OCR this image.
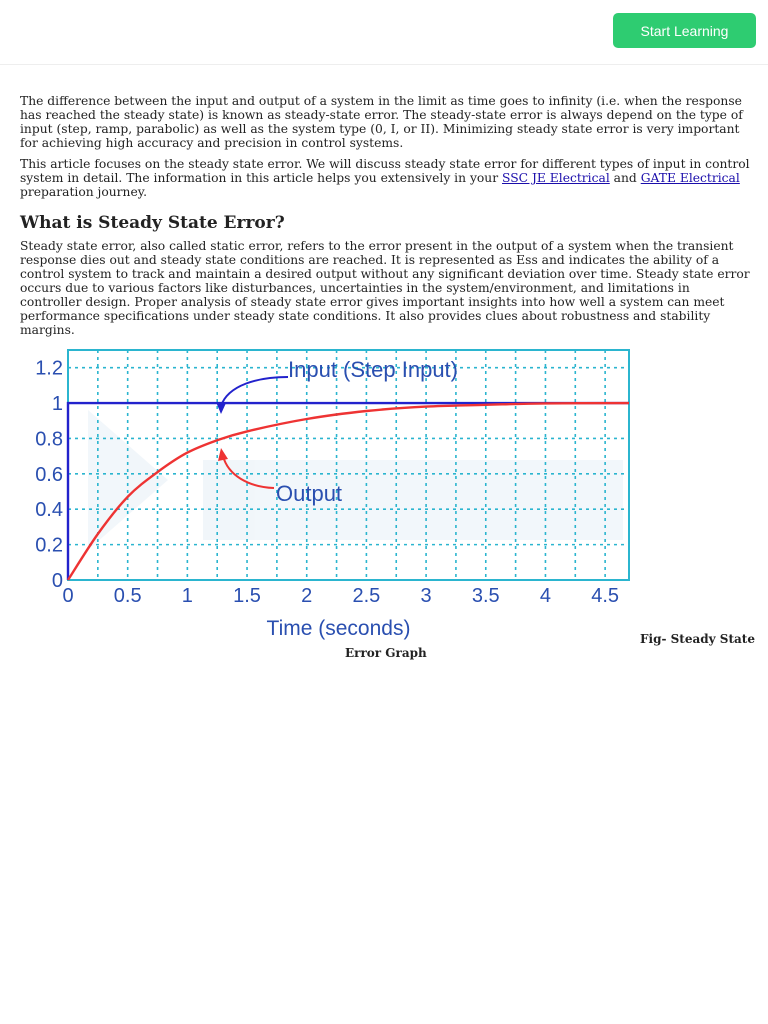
Start Learning

The difference between the input and output of a system in the limit as time goes to infinity (i.e. when the response has reached the steady state) is known as steady-state error. The steady-state error is always depend on the type of input (step, ramp, parabolic) as well as the system type (0, I, or II). Minimizing steady state error is very important for achieving high accuracy and precision in control systems.

This article focuses on the steady state error. We will discuss steady state error for different types of input in control system in detail. The information in this article helps you extensively in your SSC JE Electrical and GATE Electrical preparation journey.

What is Steady State Error?

Steady state error, also called static error, refers to the error present in the output of a system when the transient response dies out and steady state conditions are reached. It is represented as Ess and indicates the ability of a control system to track and maintain a desired output without any significant deviation over time. Steady state error occurs due to various factors like disturbances, uncertainties in the system/environment, and limitations in controller design. Proper analysis of steady state error gives important insights into how well a system can meet performance specifications under steady state conditions. It also provides clues about robustness and stability margins.

0 0.5 1 1.5 2 2.5 3 3.5 4 4.5
0
0.2
0.4
0.6
0.8
1
1.2
Time (seconds)
Input (Step Input)
Output
Fig- Steady State
Error Graph
